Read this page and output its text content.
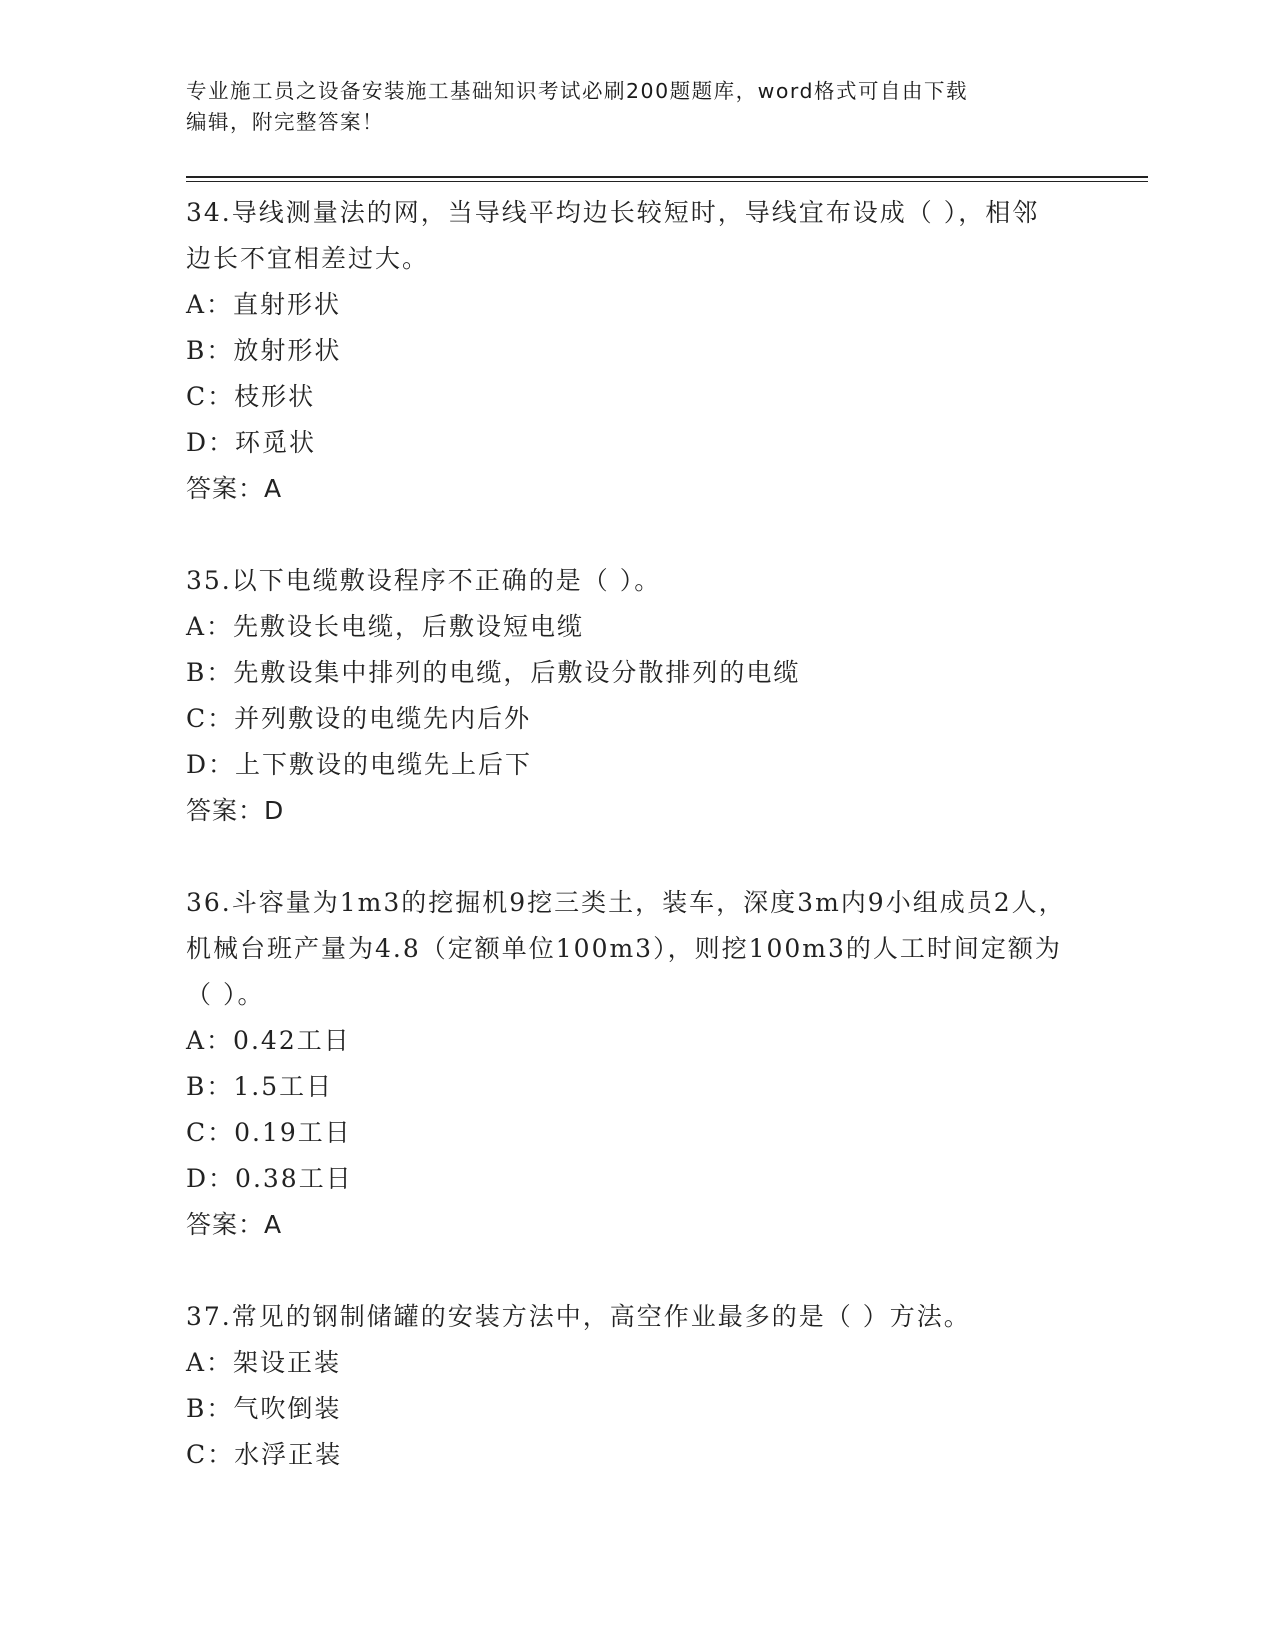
专业施工员之设备安装施工基础知识考试必刷200题题库，word格式可自由下载
编辑，附完整答案！

34.导线测量法的网，当导线平均边长较短时，导线宜布设成（ ），相邻边长不宜相差过大。

A：直射形状

B：放射形状

C：枝形状

D：环觅状

答案：A

35.以下电缆敷设程序不正确的是（ ）。

A：先敷设长电缆，后敷设短电缆

B：先敷设集中排列的电缆，后敷设分散排列的电缆

C：并列敷设的电缆先内后外

D：上下敷设的电缆先上后下

答案：D

36.斗容量为1m3的挖掘机9挖三类土，装车，深度3m内9小组成员2人，机械台班产量为4.8（定额单位100m3），则挖100m3的人工时间定额为（ ）。

A：0.42工日

B：1.5工日

C：0.19工日

D：0.38工日

答案：A

37.常见的钢制储罐的安装方法中，高空作业最多的是（ ）方法。

A：架设正装

B：气吹倒装

C：水浮正装
